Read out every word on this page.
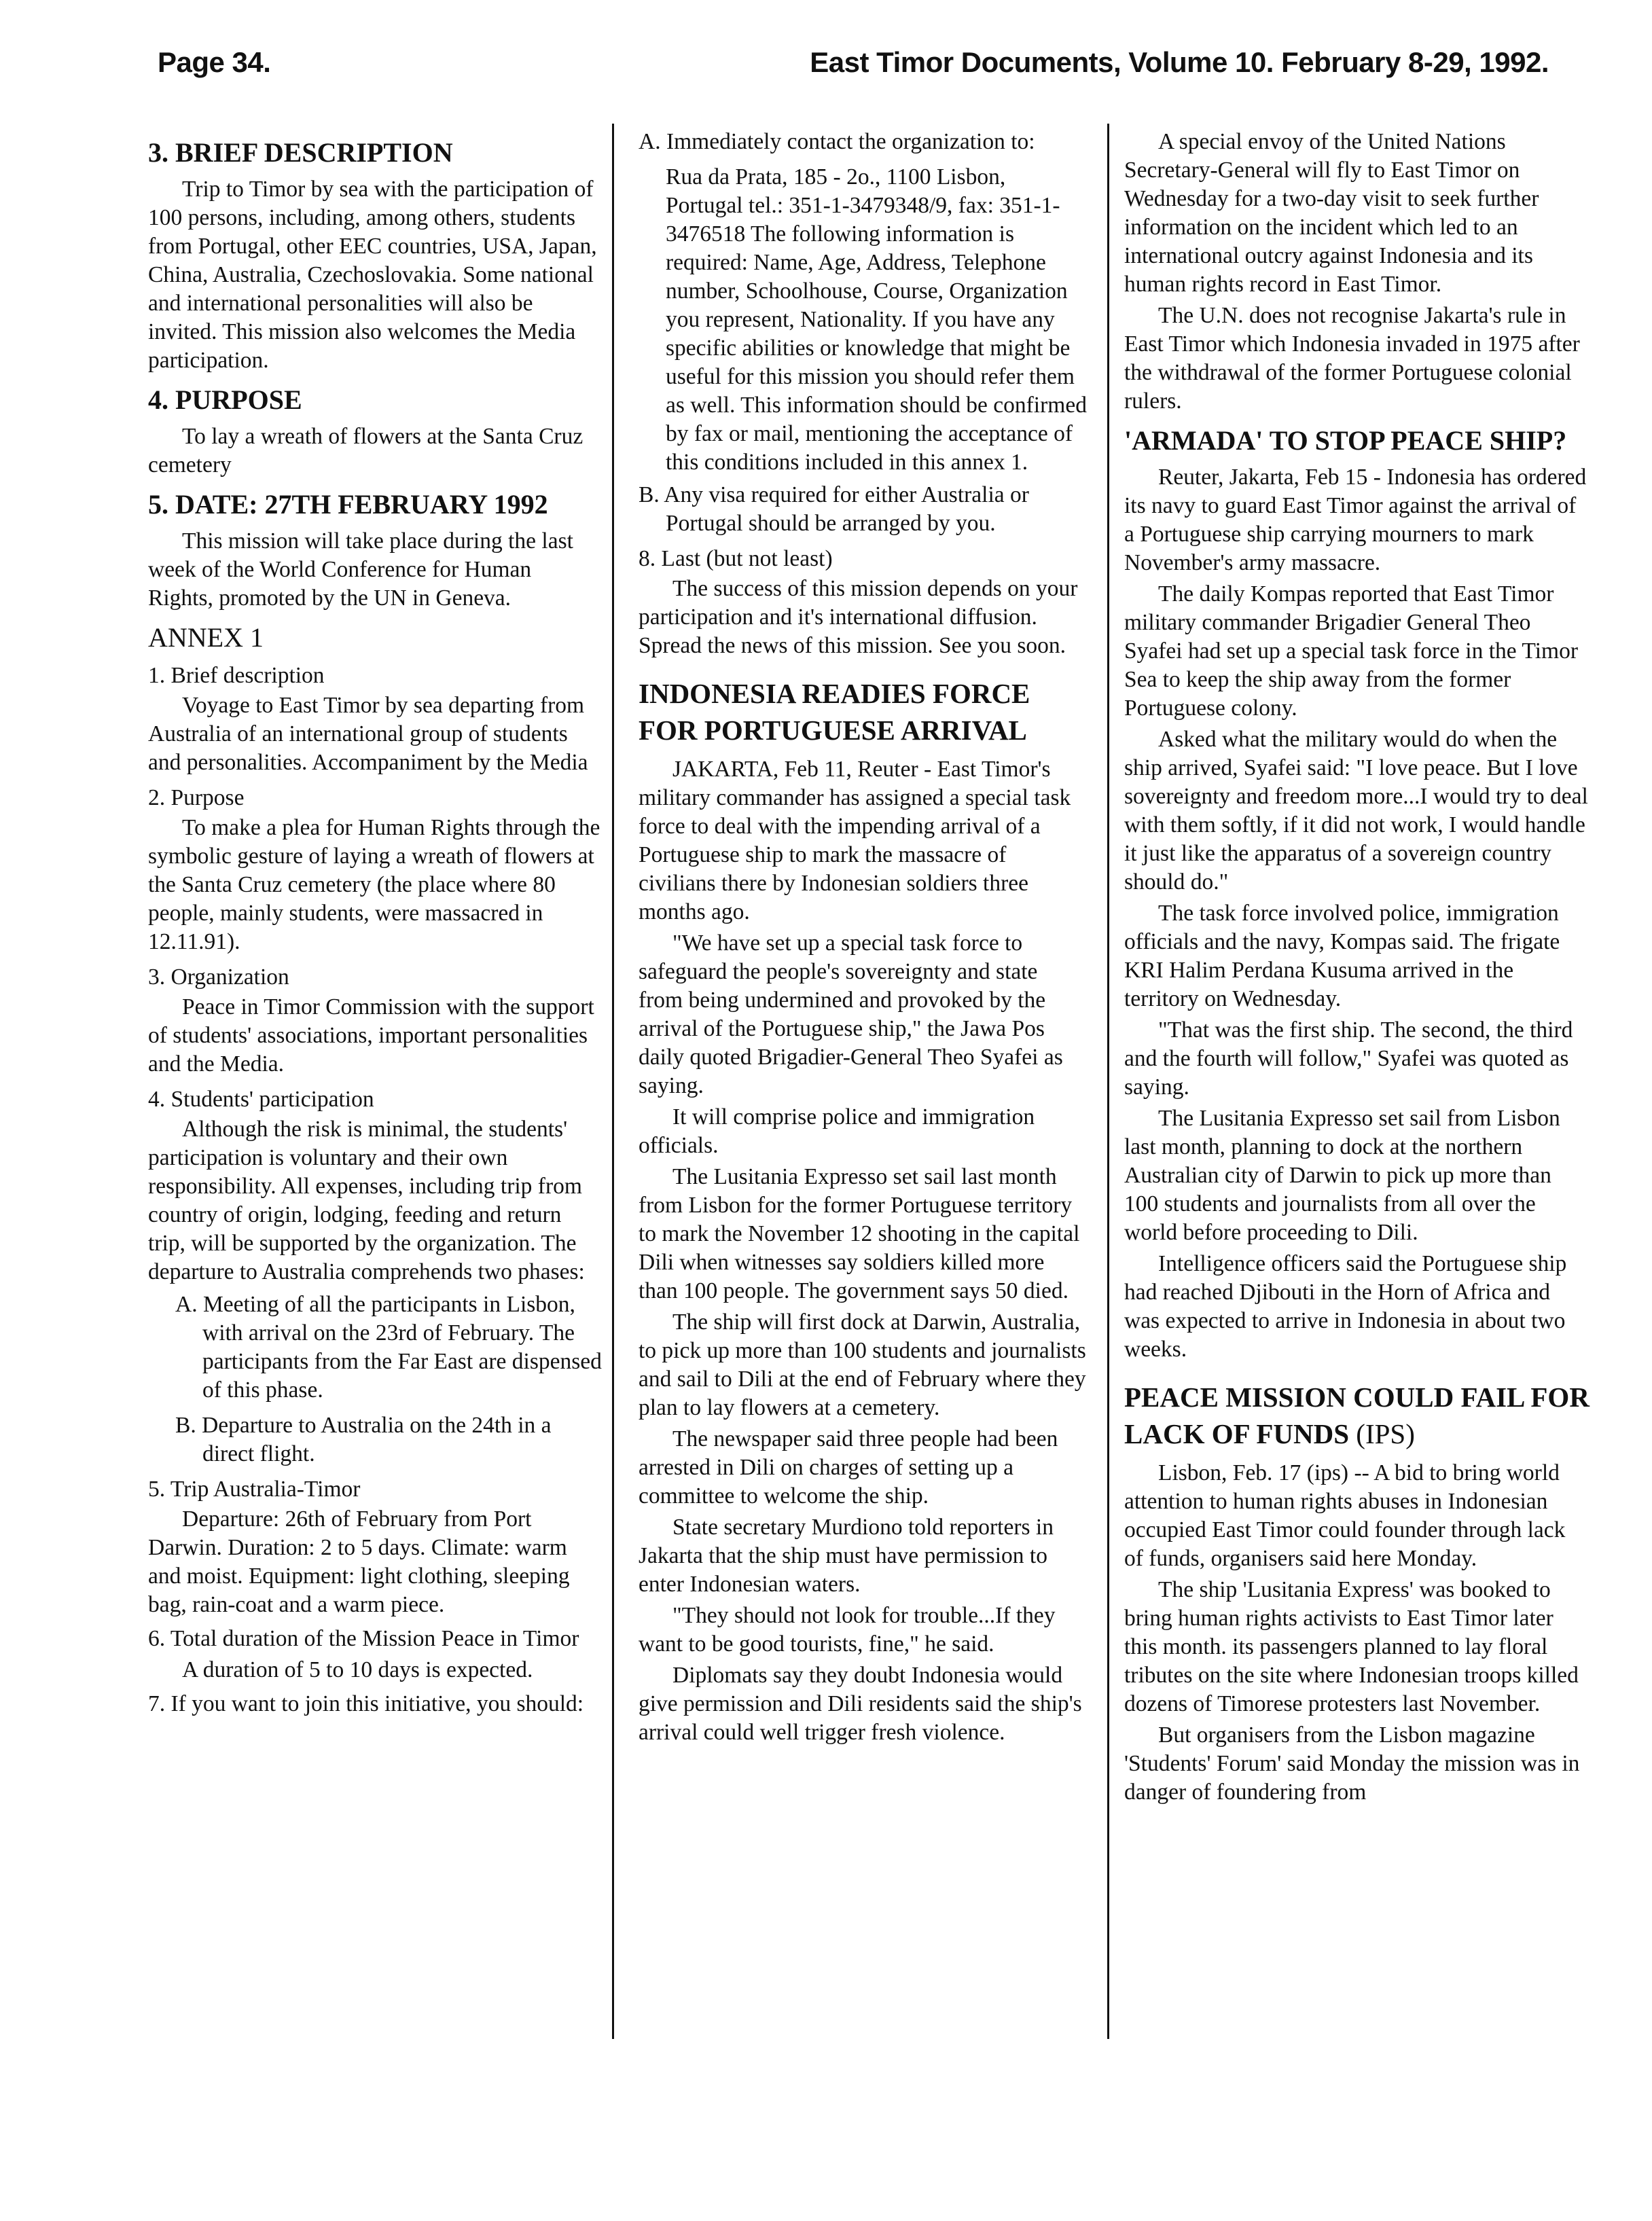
Page 34.	East Timor Documents, Volume 10. February 8-29, 1992.
3. BRIEF DESCRIPTION

Trip to Timor by sea with the participation of 100 persons, including, among others, students from Portugal, other EEC countries, USA, Japan, China, Australia, Czechoslovakia. Some national and international personalities will also be invited. This mission also welcomes the Media participation.

4. PURPOSE

To lay a wreath of flowers at the Santa Cruz cemetery

5. DATE: 27TH FEBRUARY 1992

This mission will take place during the last week of the World Conference for Human Rights, promoted by the UN in Geneva.

ANNEX 1
1. Brief description

Voyage to East Timor by sea departing from Australia of an international group of students and personalities. Accompaniment by the Media

2. Purpose

To make a plea for Human Rights through the symbolic gesture of laying a wreath of flowers at the Santa Cruz cemetery (the place where 80 people, mainly students, were massacred in 12.11.91).

3. Organization

Peace in Timor Commission with the support of students' associations, important personalities and the Media.

4. Students' participation

Although the risk is minimal, the students' participation is voluntary and their own responsibility. All expenses, including trip from country of origin, lodging, feeding and return trip, will be supported by the organization. The departure to Australia comprehends two phases:

A. Meeting of all the participants in Lisbon, with arrival on the 23rd of February. The participants from the Far East are dispensed of this phase.
B. Departure to Australia on the 24th in a direct flight.
5. Trip Australia-Timor

Departure: 26th of February from Port Darwin. Duration: 2 to 5 days. Climate: warm and moist. Equipment: light clothing, sleeping bag, rain-coat and a warm piece.

6. Total duration of the Mission Peace in Timor

A duration of 5 to 10 days is expected.

7. If you want to join this initiative, you should:
A. Immediately contact the organization to:

Rua da Prata, 185 - 2o., 1100 Lisbon, Portugal tel.: 351-1-3479348/9, fax: 351-1-3476518 The following information is required: Name, Age, Address, Telephone number, Schoolhouse, Course, Organization you represent, Nationality. If you have any specific abilities or knowledge that might be useful for this mission you should refer them as well. This information should be confirmed by fax or mail, mentioning the acceptance of this conditions included in this annex 1.

B. Any visa required for either Australia or Portugal should be arranged by you.
8. Last (but not least)

The success of this mission depends on your participation and it's international diffusion. Spread the news of this mission. See you soon.

INDONESIA READIES FORCE FOR PORTUGUESE ARRIVAL

JAKARTA, Feb 11, Reuter - East Timor's military commander has assigned a special task force to deal with the impending arrival of a Portuguese ship to mark the massacre of civilians there by Indonesian soldiers three months ago.

"We have set up a special task force to safeguard the people's sovereignty and state from being undermined and provoked by the arrival of the Portuguese ship," the Jawa Pos daily quoted Brigadier-General Theo Syafei as saying.

It will comprise police and immigration officials.

The Lusitania Expresso set sail last month from Lisbon for the former Portuguese territory to mark the November 12 shooting in the capital Dili when witnesses say soldiers killed more than 100 people. The government says 50 died.

The ship will first dock at Darwin, Australia, to pick up more than 100 students and journalists and sail to Dili at the end of February where they plan to lay flowers at a cemetery.

The newspaper said three people had been arrested in Dili on charges of setting up a committee to welcome the ship.

State secretary Murdiono told reporters in Jakarta that the ship must have permission to enter Indonesian waters.

"They should not look for trouble...If they want to be good tourists, fine," he said.

Diplomats say they doubt Indonesia would give permission and Dili residents said the ship's arrival could well trigger fresh violence.

A special envoy of the United Nations Secretary-General will fly to East Timor on Wednesday for a two-day visit to seek further information on the incident which led to an international outcry against Indonesia and its human rights record in East Timor.

The U.N. does not recognise Jakarta's rule in East Timor which Indonesia invaded in 1975 after the withdrawal of the former Portuguese colonial rulers.

'ARMADA' TO STOP PEACE SHIP?

Reuter, Jakarta, Feb 15 - Indonesia has ordered its navy to guard East Timor against the arrival of a Portuguese ship carrying mourners to mark November's army massacre.

The daily Kompas reported that East Timor military commander Brigadier General Theo Syafei had set up a special task force in the Timor Sea to keep the ship away from the former Portuguese colony.

Asked what the military would do when the ship arrived, Syafei said: "I love peace. But I love sovereignty and freedom more...I would try to deal with them softly, if it did not work, I would handle it just like the apparatus of a sovereign country should do."

The task force involved police, immigration officials and the navy, Kompas said. The frigate KRI Halim Perdana Kusuma arrived in the territory on Wednesday.

"That was the first ship. The second, the third and the fourth will follow," Syafei was quoted as saying.

The Lusitania Expresso set sail from Lisbon last month, planning to dock at the northern Australian city of Darwin to pick up more than 100 students and journalists from all over the world before proceeding to Dili.

Intelligence officers said the Portuguese ship had reached Djibouti in the Horn of Africa and was expected to arrive in Indonesia in about two weeks.

PEACE MISSION COULD FAIL FOR LACK OF FUNDS (IPS)

Lisbon, Feb. 17 (ips) -- A bid to bring world attention to human rights abuses in Indonesian occupied East Timor could founder through lack of funds, organisers said here Monday.

The ship 'Lusitania Express' was booked to bring human rights activists to East Timor later this month. its passengers planned to lay floral tributes on the site where Indonesian troops killed dozens of Timorese protesters last November.

But organisers from the Lisbon magazine 'Students' Forum' said Monday the mission was in danger of foundering from
